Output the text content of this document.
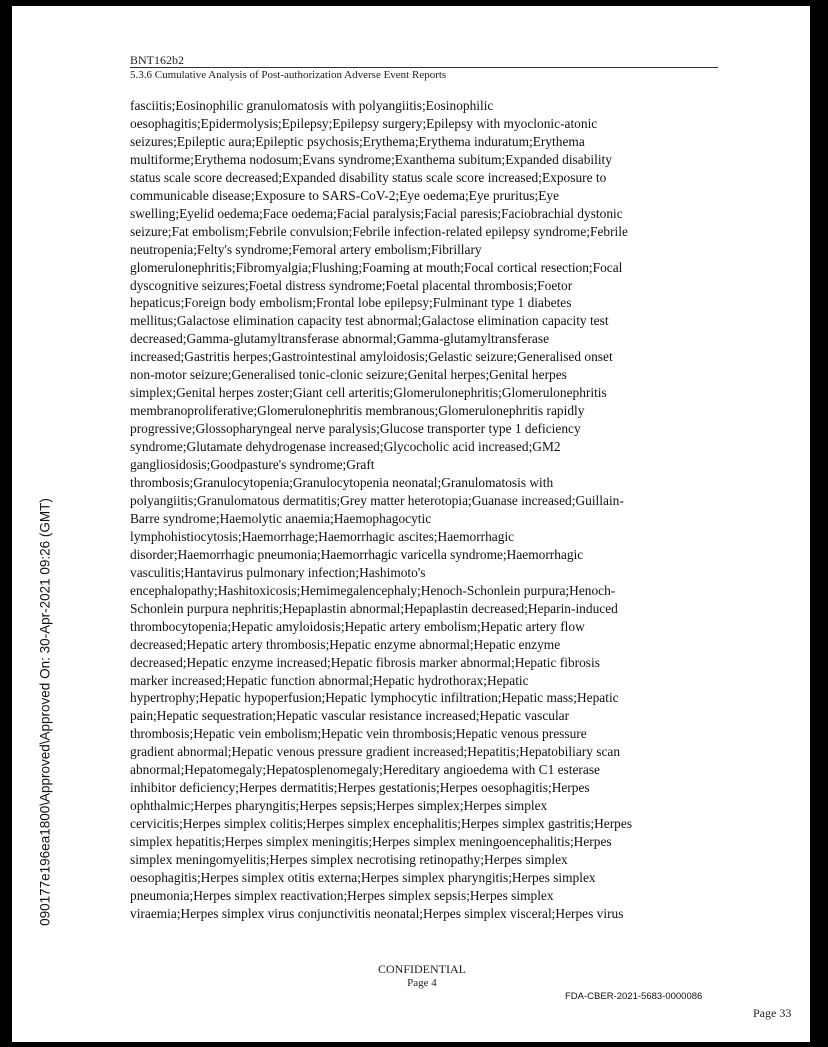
090177e196ea1800\Approved\Approved On: 30-Apr-2021 09:26 (GMT)
BNT162b2
5.3.6 Cumulative Analysis of Post-authorization Adverse Event Reports
fasciitis;Eosinophilic granulomatosis with polyangiitis;Eosinophilic
oesophagitis;Epidermolysis;Epilepsy;Epilepsy surgery;Epilepsy with myoclonic-atonic
seizures;Epileptic aura;Epileptic psychosis;Erythema;Erythema induratum;Erythema
multiforme;Erythema nodosum;Evans syndrome;Exanthema subitum;Expanded disability
status scale score decreased;Expanded disability status scale score increased;Exposure to
communicable disease;Exposure to SARS-CoV-2;Eye oedema;Eye pruritus;Eye
swelling;Eyelid oedema;Face oedema;Facial paralysis;Facial paresis;Faciobrachial dystonic
seizure;Fat embolism;Febrile convulsion;Febrile infection-related epilepsy syndrome;Febrile
neutropenia;Felty's syndrome;Femoral artery embolism;Fibrillary
glomerulonephritis;Fibromyalgia;Flushing;Foaming at mouth;Focal cortical resection;Focal
dyscognitive seizures;Foetal distress syndrome;Foetal placental thrombosis;Foetor
hepaticus;Foreign body embolism;Frontal lobe epilepsy;Fulminant type 1 diabetes
mellitus;Galactose elimination capacity test abnormal;Galactose elimination capacity test
decreased;Gamma-glutamyltransferase abnormal;Gamma-glutamyltransferase
increased;Gastritis herpes;Gastrointestinal amyloidosis;Gelastic seizure;Generalised onset
non-motor seizure;Generalised tonic-clonic seizure;Genital herpes;Genital herpes
simplex;Genital herpes zoster;Giant cell arteritis;Glomerulonephritis;Glomerulonephritis
membranoproliferative;Glomerulonephritis membranous;Glomerulonephritis rapidly
progressive;Glossopharyngeal nerve paralysis;Glucose transporter type 1 deficiency
syndrome;Glutamate dehydrogenase increased;Glycocholic acid increased;GM2
gangliosidosis;Goodpasture's syndrome;Graft
thrombosis;Granulocytopenia;Granulocytopenia neonatal;Granulomatosis with
polyangiitis;Granulomatous dermatitis;Grey matter heterotopia;Guanase increased;Guillain-
Barre syndrome;Haemolytic anaemia;Haemophagocytic
lymphohistiocytosis;Haemorrhage;Haemorrhagic ascites;Haemorrhagic
disorder;Haemorrhagic pneumonia;Haemorrhagic varicella syndrome;Haemorrhagic
vasculitis;Hantavirus pulmonary infection;Hashimoto's
encephalopathy;Hashitoxicosis;Hemimegalencephaly;Henoch-Schonlein purpura;Henoch-
Schonlein purpura nephritis;Hepaplastin abnormal;Hepaplastin decreased;Heparin-induced
thrombocytopenia;Hepatic amyloidosis;Hepatic artery embolism;Hepatic artery flow
decreased;Hepatic artery thrombosis;Hepatic enzyme abnormal;Hepatic enzyme
decreased;Hepatic enzyme increased;Hepatic fibrosis marker abnormal;Hepatic fibrosis
marker increased;Hepatic function abnormal;Hepatic hydrothorax;Hepatic
hypertrophy;Hepatic hypoperfusion;Hepatic lymphocytic infiltration;Hepatic mass;Hepatic
pain;Hepatic sequestration;Hepatic vascular resistance increased;Hepatic vascular
thrombosis;Hepatic vein embolism;Hepatic vein thrombosis;Hepatic venous pressure
gradient abnormal;Hepatic venous pressure gradient increased;Hepatitis;Hepatobiliary scan
abnormal;Hepatomegaly;Hepatosplenomegaly;Hereditary angioedema with C1 esterase
inhibitor deficiency;Herpes dermatitis;Herpes gestationis;Herpes oesophagitis;Herpes
ophthalmic;Herpes pharyngitis;Herpes sepsis;Herpes simplex;Herpes simplex
cervicitis;Herpes simplex colitis;Herpes simplex encephalitis;Herpes simplex gastritis;Herpes
simplex hepatitis;Herpes simplex meningitis;Herpes simplex meningoencephalitis;Herpes
simplex meningomyelitis;Herpes simplex necrotising retinopathy;Herpes simplex
oesophagitis;Herpes simplex otitis externa;Herpes simplex pharyngitis;Herpes simplex
pneumonia;Herpes simplex reactivation;Herpes simplex sepsis;Herpes simplex
viraemia;Herpes simplex virus conjunctivitis neonatal;Herpes simplex visceral;Herpes virus
CONFIDENTIAL
Page 4
FDA-CBER-2021-5683-0000086
Page 33
